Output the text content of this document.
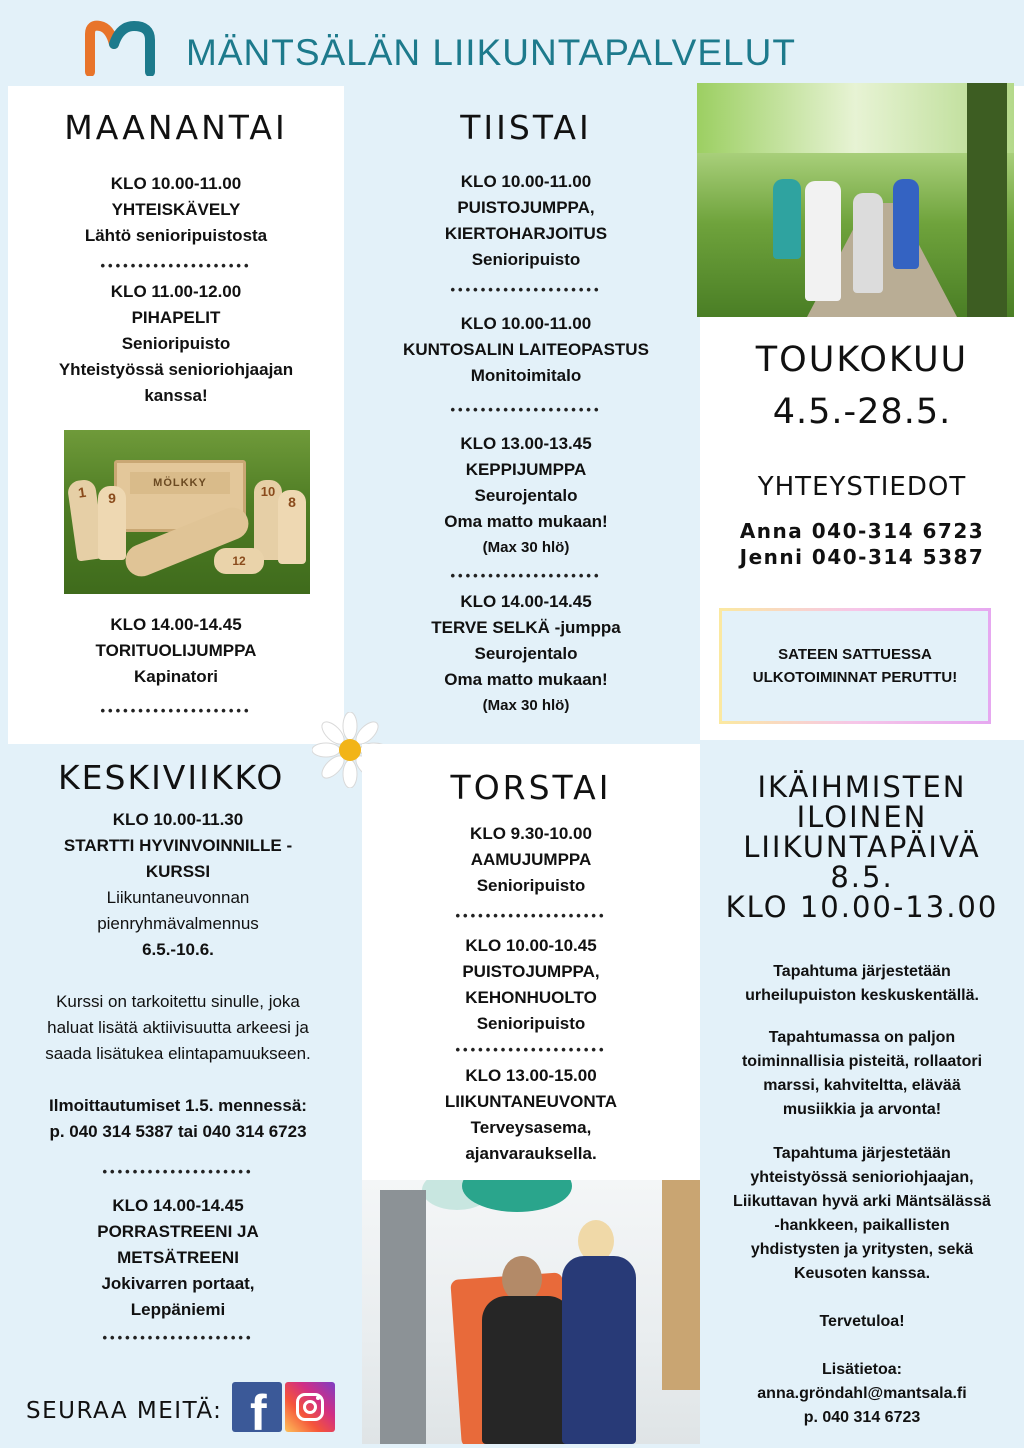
MÄNTSÄLÄN LIIKUNTAPALVELUT
MAANANTAI
KLO 10.00-11.00
YHTEISKÄVELY
Lähtö senioripuistosta
••••••••••••••••••••
KLO 11.00-12.00
PIHAPELIT
Senioripuisto
Yhteistyössä senioriohjaajan
kanssa!
MÖLKKY
1	9	10
8
12
KLO 14.00-14.45
TORITUOLIJUMPPA
Kapinatori
••••••••••••••••••••
TIISTAI
KLO 10.00-11.00
PUISTOJUMPPA,
KIERTOHARJOITUS
Senioripuisto
••••••••••••••••••••
KLO 10.00-11.00
KUNTOSALIN LAITEOPASTUS
Monitoimitalo
••••••••••••••••••••
KLO 13.00-13.45
KEPPIJUMPPA
Seurojentalo
Oma matto mukaan!
(Max 30 hlö)
••••••••••••••••••••
KLO 14.00-14.45
TERVE SELKÄ -jumppa
Seurojentalo
Oma matto mukaan!
(Max 30 hlö)
TOUKOKUU
4.5.-28.5.
YHTEYSTIEDOT
Anna 040-314 6723
Jenni 040-314 5387
SATEEN SATTUESSA
ULKOTOIMINNAT PERUTTU!
KESKIVIIKKO
KLO 10.00-11.30
STARTTI HYVINVOINNILLE -
KURSSI
Liikuntaneuvonnan
pienryhmävalmennus
6.5.-10.6.
Kurssi on tarkoitettu sinulle, joka
haluat lisätä aktiivisuutta arkeesi ja
saada lisätukea elintapamuukseen.
Ilmoittautumiset 1.5. mennessä:
p. 040 314 5387 tai 040 314 6723
••••••••••••••••••••
KLO 14.00-14.45
PORRASTREENI JA
METSÄTREENI
Jokivarren portaat,
Leppäniemi
••••••••••••••••••••
SEURAA MEITÄ: f
TORSTAI
KLO 9.30-10.00
AAMUJUMPPA
Senioripuisto
••••••••••••••••••••
KLO 10.00-10.45
PUISTOJUMPPA,
KEHONHUOLTO
Senioripuisto
••••••••••••••••••••
KLO 13.00-15.00
LIIKUNTANEUVONTA
Terveysasema,
ajanvarauksella.
IKÄIHMISTEN
ILOINEN
LIIKUNTAPÄIVÄ
8.5.
KLO 10.00-13.00
Tapahtuma järjestetään
urheilupuiston keskuskentällä.
Tapahtumassa on paljon
toiminnallisia pisteitä, rollaatori
marssi, kahviteltta, elävää
musiikkia ja arvonta!
Tapahtuma järjestetään
yhteistyössä senioriohjaajan,
Liikuttavan hyvä arki Mäntsälässä
-hankkeen, paikallisten
yhdistysten ja yritysten, sekä
Keusoten kanssa.
Tervetuloa!
Lisätietoa:
anna.gröndahl@mantsala.fi
p. 040 314 6723
